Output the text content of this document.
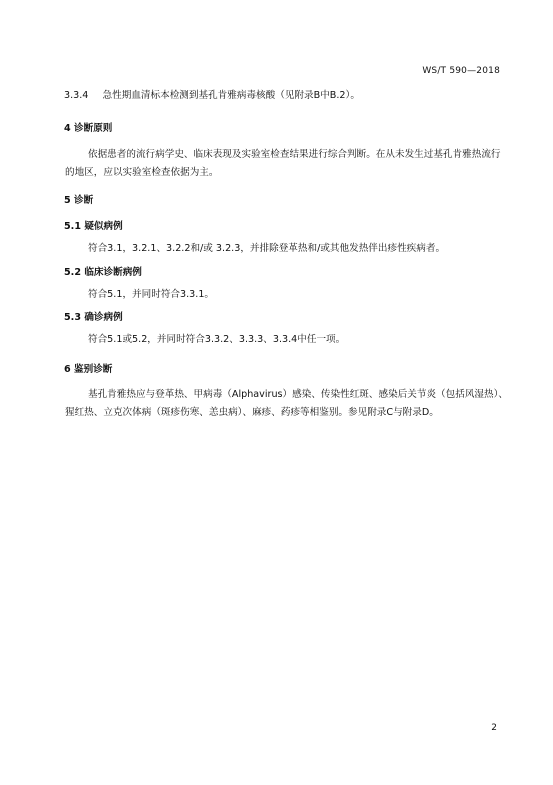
WS/T 590—2018
3.3.4 急性期血清标本检测到基孔肯雅病毒核酸（见附录B中B.2）。
4 诊断原则
依据患者的流行病学史、临床表现及实验室检查结果进行综合判断。在从未发生过基孔肯雅热流行
的地区，应以实验室检查依据为主。
5 诊断
5.1 疑似病例
符合3.1，3.2.1、3.2.2和/或 3.2.3，并排除登革热和/或其他发热伴出疹性疾病者。
5.2 临床诊断病例
符合5.1，并同时符合3.3.1。
5.3 确诊病例
符合5.1或5.2，并同时符合3.3.2、3.3.3、3.3.4中任一项。
6 鉴别诊断
基孔肯雅热应与登革热、甲病毒（Alphavirus）感染、传染性红斑、感染后关节炎（包括风湿热）、
猩红热、立克次体病（斑疹伤寒、恙虫病）、麻疹、药疹等相鉴别。参见附录C与附录D。
2
